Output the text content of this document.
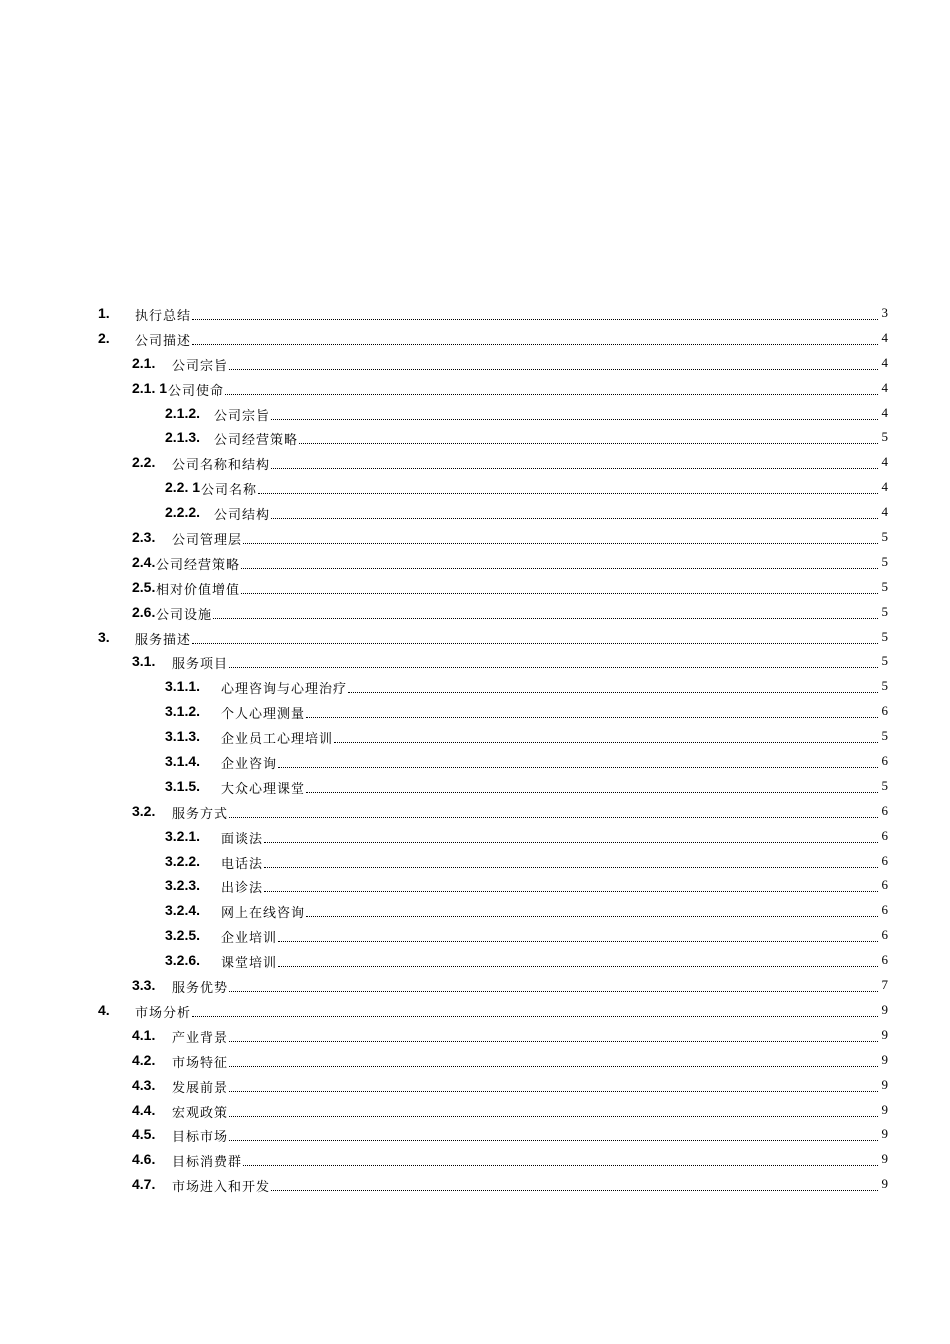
1. 执行总结	3
2. 公司描述	4
2.1. 公司宗旨	4
2.1. 1 公司使命	4
2.1.2. 公司宗旨	4
2.1.3. 公司经营策略	5
2.2. 公司名称和结构	4
2.2. 1 公司名称	4
2.2.2. 公司结构	4
2.3. 公司管理层	5
2.4. 公司经营策略	5
2.5. 相对价值增值	5
2.6. 公司设施	5
3. 服务描述	5
3.1. 服务项目	5
3.1.1. 心理咨询与心理治疗	5
3.1.2. 个人心理测量	6
3.1.3. 企业员工心理培训	5
3.1.4. 企业咨询	6
3.1.5. 大众心理课堂	5
3.2. 服务方式	6
3.2.1. 面谈法	6
3.2.2. 电话法	6
3.2.3. 出诊法	6
3.2.4. 网上在线咨询	6
3.2.5. 企业培训	6
3.2.6. 课堂培训	6
3.3. 服务优势	7
4. 市场分析	9
4.1. 产业背景	9
4.2. 市场特征	9
4.3. 发展前景	9
4.4. 宏观政策	9
4.5. 目标市场	9
4.6. 目标消费群	9
4.7. 市场进入和开发	9
